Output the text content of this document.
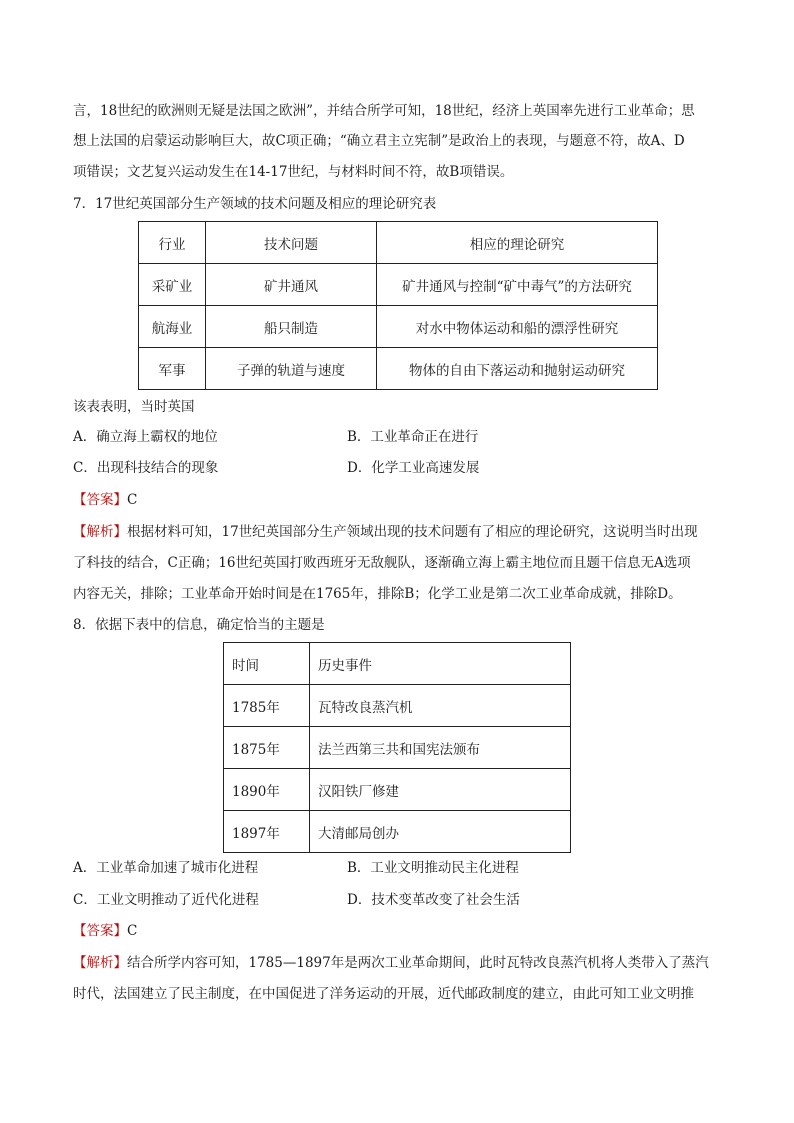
言，18世纪的欧洲则无疑是法国之欧洲”，并结合所学可知，18世纪，经济上英国率先进行工业革命；思
想上法国的启蒙运动影响巨大，故C项正确；“确立君主立宪制”是政治上的表现，与题意不符，故A、D
项错误；文艺复兴运动发生在14-17世纪，与材料时间不符，故B项错误。
7．17世纪英国部分生产领域的技术问题及相应的理论研究表
行业	技术问题	相应的理论研究
采矿业	矿井通风	矿井通风与控制“矿中毒气”的方法研究
航海业	船只制造	对水中物体运动和船的漂浮性研究
军事	子弹的轨道与速度	物体的自由下落运动和抛射运动研究
该表表明，当时英国
A．确立海上霸权的地位	B．工业革命正在进行
C．出现科技结合的现象	D．化学工业高速发展
【答案】C
【解析】根据材料可知，17世纪英国部分生产领域出现的技术问题有了相应的理论研究，这说明当时出现
了科技的结合，C正确；16世纪英国打败西班牙无敌舰队，逐渐确立海上霸主地位而且题干信息无A选项
内容无关，排除；工业革命开始时间是在1765年，排除B；化学工业是第二次工业革命成就，排除D。
8．依据下表中的信息，确定恰当的主题是
时间	历史事件
1785年	瓦特改良蒸汽机
1875年	法兰西第三共和国宪法颁布
1890年	汉阳铁厂修建
1897年	大清邮局创办
A．工业革命加速了城市化进程	B．工业文明推动民主化进程
C．工业文明推动了近代化进程	D．技术变革改变了社会生活
【答案】C
【解析】结合所学内容可知，1785—1897年是两次工业革命期间，此时瓦特改良蒸汽机将人类带入了蒸汽
时代，法国建立了民主制度，在中国促进了洋务运动的开展，近代邮政制度的建立，由此可知工业文明推
